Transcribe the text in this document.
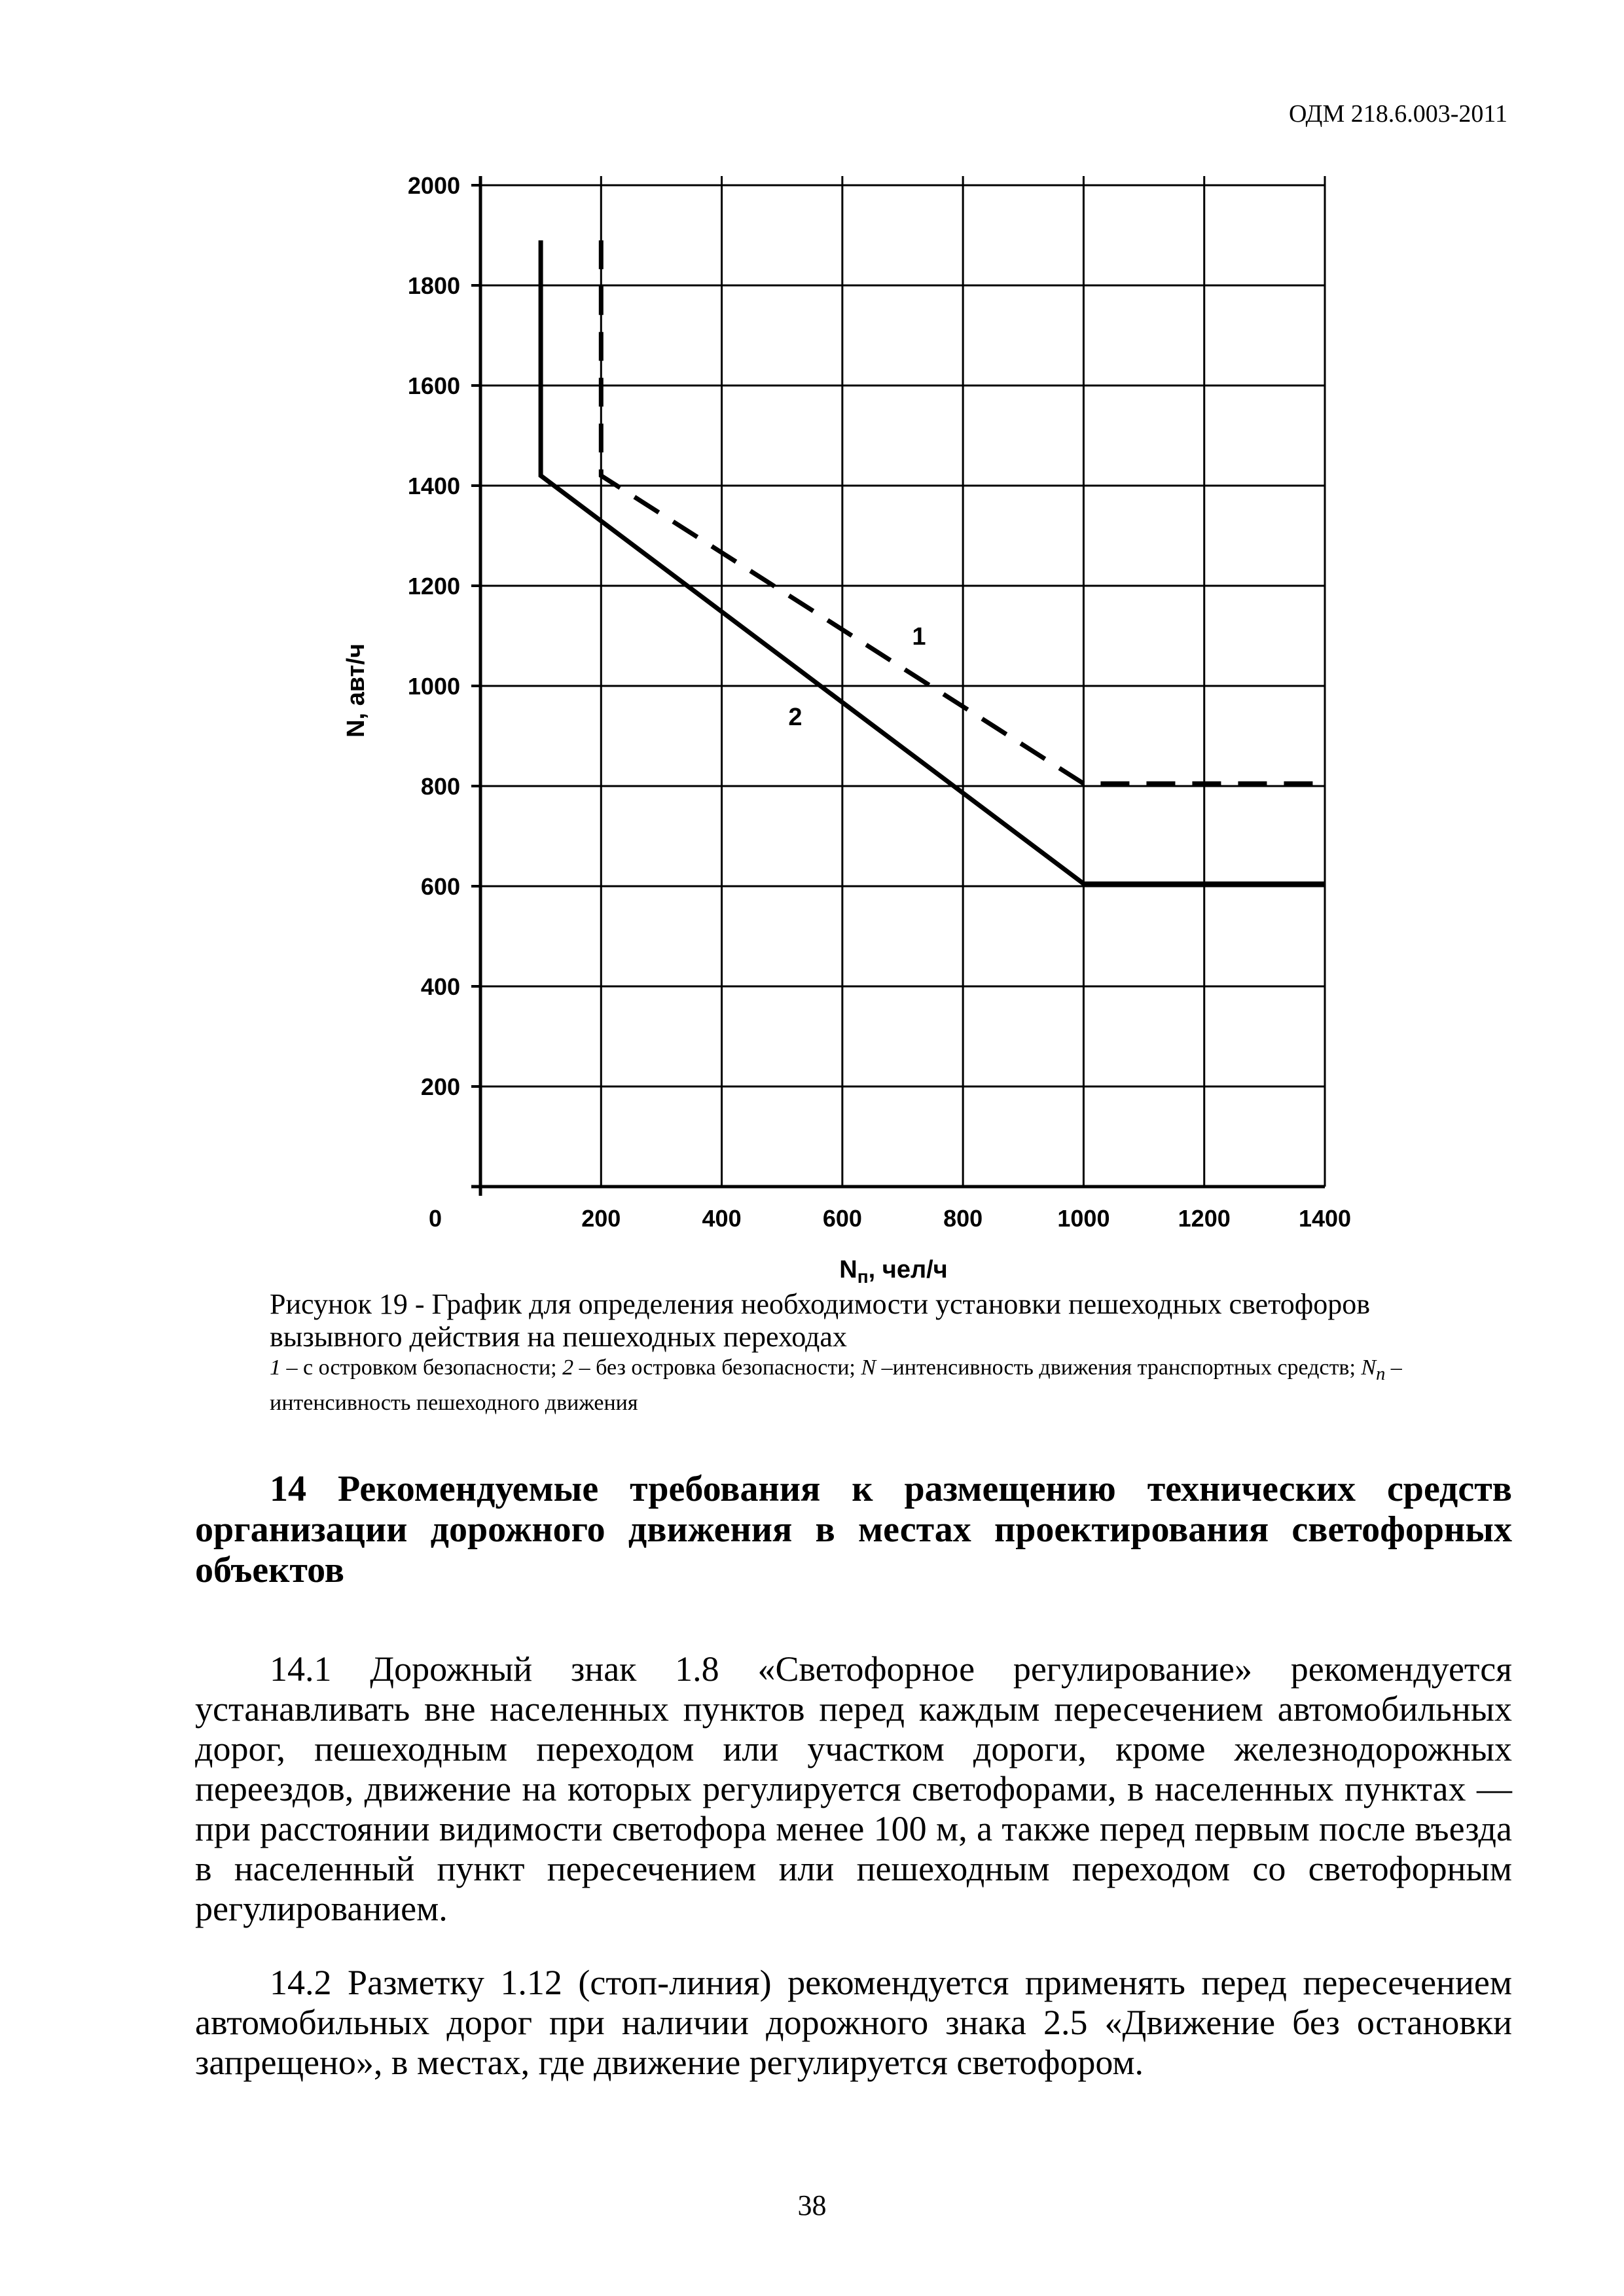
ОДМ 218.6.003-2011
200
400
600
800
1000
1200
1400
1600
1800
2000
0	200	400	600	800	1000	1200	1400
1
2
N, авт/ч
$N_п$, чел/ч
Рисунок 19 - График для определения необходимости установки пешеходных светофоров вызывного действия на пешеходных переходах
1 – с островком безопасности; 2 – без островка безопасности; N –интенсивность движения транспортных средств; $N_п$ – интенсивность пешеходного движения
14 Рекомендуемые требования к размещению технических средств организации дорожного движения в местах проектирования светофорных объектов
14.1 Дорожный знак 1.8 «Светофорное регулирование» рекомендуется устанавливать вне населенных пунктов перед каждым пересечением автомобильных дорог, пешеходным переходом или участком дороги, кроме железнодорожных переездов, движение на которых регулируется светофорами, в населенных пунктах — при расстоянии видимости светофора менее 100 м, а также перед первым после въезда в населенный пункт пересечением или пешеходным переходом со светофорным регулированием.
14.2 Разметку 1.12 (стоп-линия) рекомендуется применять перед пересечением автомобильных дорог при наличии дорожного знака 2.5 «Движение без остановки запрещено», в местах, где движение регулируется светофором.
38
